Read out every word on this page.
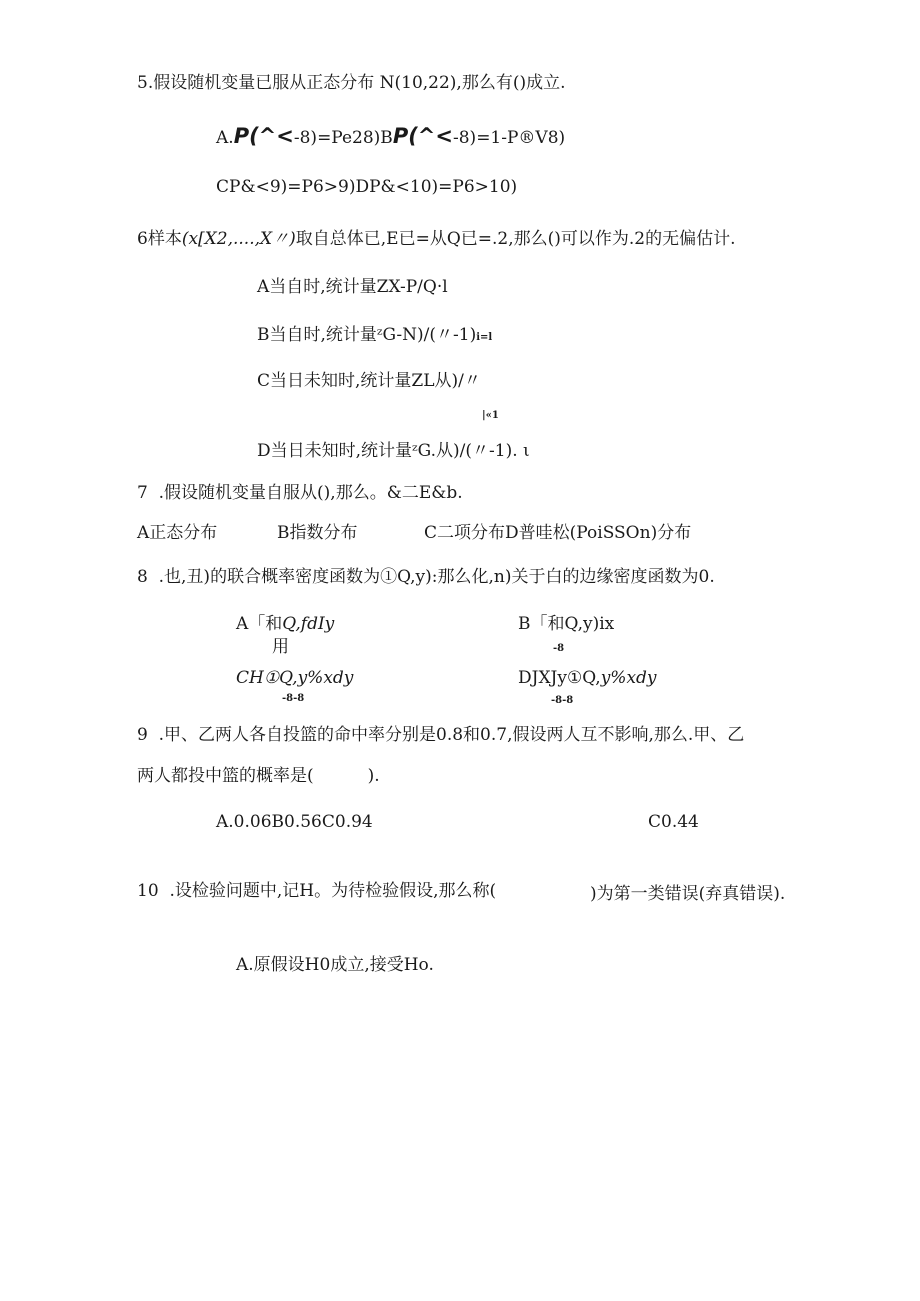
5.假设随机变量已服从正态分布 N(10,22),那么有()成立.
A.P(^<-8)=Pe28)BP(^<-8)=1-P®V8)
CP&<9)=P6>9)DP&<10)=P6>10)
6样本(x[X2,....,X〃)取自总体已,E已=从Q已=.2,那么()可以作为.2的无偏估计.
A当自时,统计量ZX-P/Q·l
B当自时,统计量ᶻG-N)/(〃-1)i=l
C当日未知时,统计量ZL从)/〃
|«1
D当日未知时,统计量ᶻG.从)/(〃-1). ι
7  .假设随机变量自服从(),那么。&二E&b.
A正态分布	B指数分布	C二项分布D普哇松(PoiSSOn)分布
8  .也,丑)的联合概率密度函数为①Q,y):那么化,n)关于白的边缘密度函数为0.
A「和Q,fdIy
用
B「和Q,y)ix
-8
CH①Q,y%xdy
-8-8
DJXJy①Q,y%xdy
-8-8
9  .甲、乙两人各自投篮的命中率分别是0.8和0.7,假设两人互不影响,那么.甲、乙
两人都投中篮的概率是(          ).
A.0.06B0.56C0.94	C0.44
10  .设检验问题中,记H。为待检验假设,那么称(	)为第一类错误(弃真错误).
A.原假设H0成立,接受Ho.
